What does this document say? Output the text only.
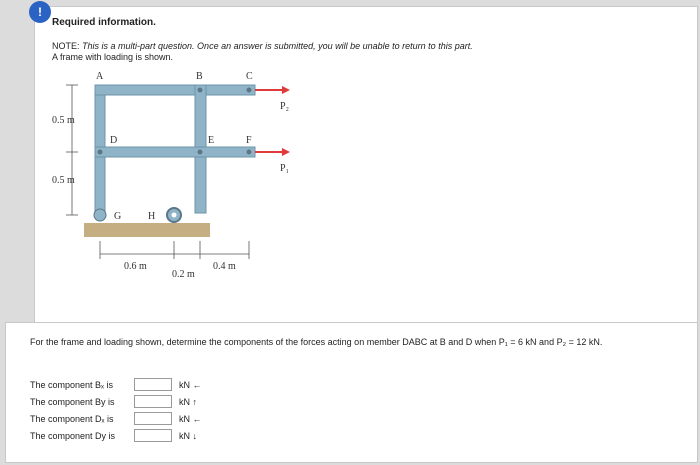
!
Required information.
NOTE: This is a multi-part question. Once an answer is submitted, you will be unable to return to this part.
A frame with loading is shown.
A	B	C
D	E	F
G	H
P₂
P₁
0.5 m
0.5 m
0.6 m
0.2 m
0.4 m
For the frame and loading shown, determine the components of the forces acting on member DABC at B and D when P₁ = 6 kN and P₂ = 12 kN.
The component Bₓ is	kN ←
The component By is	kN ↑
The component Dₓ is	kN ←
The component Dy is	kN ↓
